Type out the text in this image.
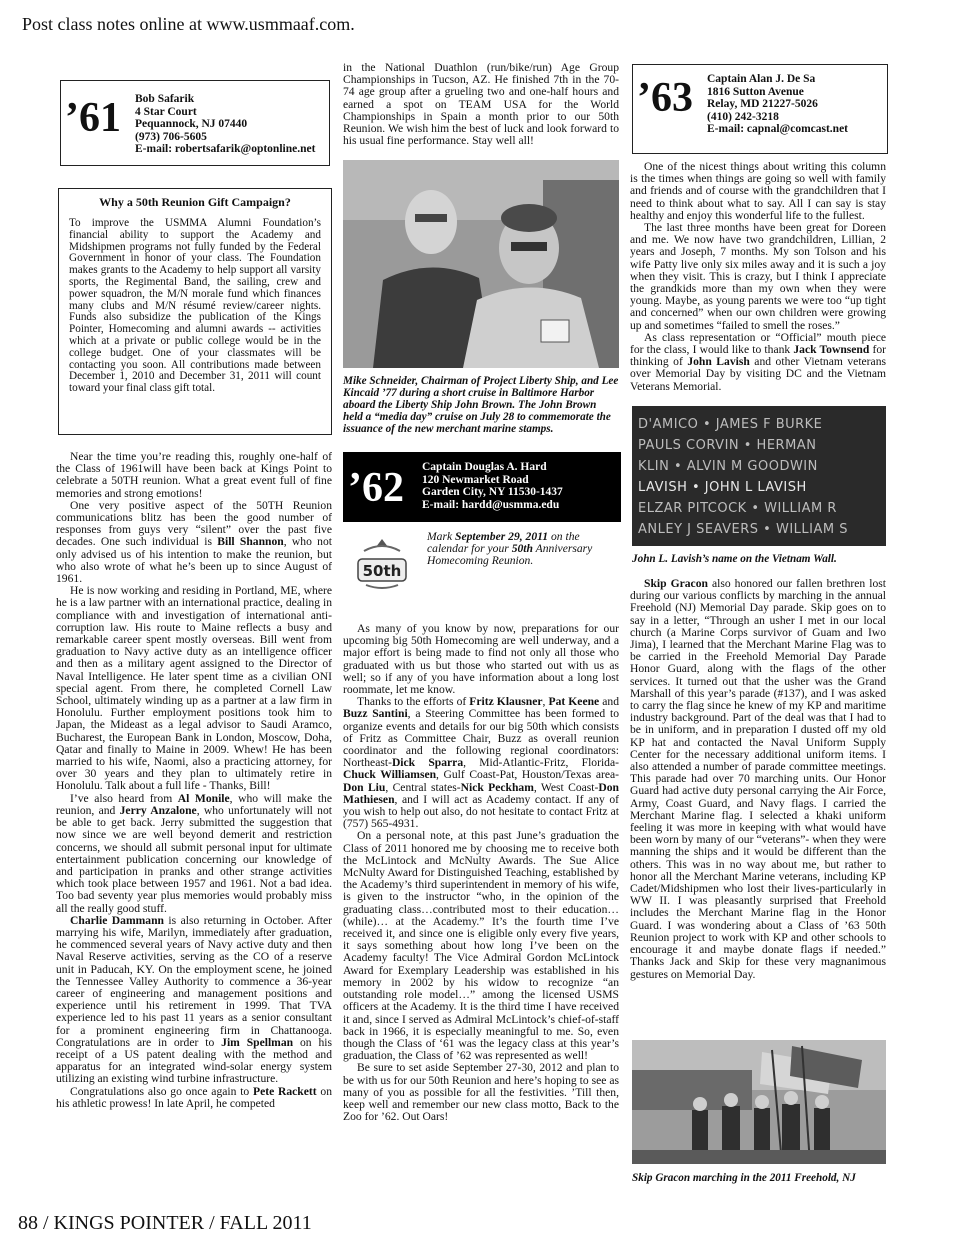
Post class notes online at www.usmmaaf.com.
’61 Bob Safarik
4 Star Court
Pequannock, NJ 07440
(973) 706-5605
E-mail: robertsafarik@optonline.net
Why a 50th Reunion Gift Campaign?
To improve the USMMA Alumni Foundation’s financial ability to support the Academy and Midshipmen programs not fully funded by the Federal Government in honor of your class. The Foundation makes grants to the Academy to help support all varsity sports, the Regimental Band, the sailing, crew and power squadron, the M/N morale fund which finances many clubs and M/N résumé review/career nights. Funds also subsidize the publication of the Kings Pointer, Homecoming and alumni awards -- activities which at a private or public college would be in the college budget. One of your classmates will be contacting you soon. All contributions made between December 1, 2010 and December 31, 2011 will count toward your final class gift total.

Near the time you’re reading this, roughly one-half of the Class of 1961will have been back at Kings Point to celebrate a 50TH reunion. What a great event full of fine memories and strong emotions!

One very positive aspect of the 50TH Reunion communications blitz has been the good number of responses from guys very “silent” over the past five decades. One such individual is Bill Shannon, who not only advised us of his intention to make the reunion, but who also wrote of what he’s been up to since August of 1961.

He is now working and residing in Portland, ME, where he is a law partner with an international practice, dealing in compliance with and investigation of international anti-corruption law. His route to Maine reflects a busy and remarkable career spent mostly overseas. Bill went from graduation to Navy active duty as an intelligence officer and then as a military agent assigned to the Director of Naval Intelligence. He later spent time as a civilian ONI special agent. From there, he completed Cornell Law School, ultimately winding up as a partner at a law firm in Honolulu. Further employment positions took him to Japan, the Mideast as a legal advisor to Saudi Aramco, Bucharest, the European Bank in London, Moscow, Doha, Qatar and finally to Maine in 2009. Whew! He has been married to his wife, Naomi, also a practicing attorney, for over 30 years and they plan to ultimately retire in Honolulu. Talk about a full life - Thanks, Bill!

I’ve also heard from Al Monile, who will make the reunion, and Jerry Anzalone, who unfortunately will not be able to get back. Jerry submitted the suggestion that now since we are well beyond demerit and restriction concerns, we should all submit personal input for ultimate entertainment publication concerning our knowledge of and participation in pranks and other strange activities which took place between 1957 and 1961. Not a bad idea. Too bad seventy year plus memories would probably miss all the really good stuff.

Charlie Dammann is also returning in October. After marrying his wife, Marilyn, immediately after graduation, he commenced several years of Navy active duty and then Naval Reserve activities, serving as the CO of a reserve unit in Paducah, KY. On the employment scene, he joined the Tennessee Valley Authority to commence a 36-year career of engineering and management positions and experience until his retirement in 1999. That TVA experience led to his past 11 years as a senior consultant for a prominent engineering firm in Chattanooga. Congratulations are in order to Jim Spellman on his receipt of a US patent dealing with the method and apparatus for an integrated wind-solar energy system utilizing an existing wind turbine infrastructure.

Congratulations also go once again to Pete Rackett on his athletic prowess! In late April, he competed

in the National Duathlon (run/bike/run) Age Group Championships in Tucson, AZ. He finished 7th in the 70-74 age group after a grueling two and one-half hours and earned a spot on TEAM USA for the World Championships in Spain a month prior to our 50th Reunion. We wish him the best of luck and look forward to his usual fine performance. Stay well all!

Mike Schneider, Chairman of Project Liberty Ship, and Lee Kincaid ’77 during a short cruise in Baltimore Harbor aboard the Liberty Ship John Brown. The John Brown held a “media day” cruise on July 28 to commemorate the issuance of the new merchant marine stamps.
’62 Captain Douglas A. Hard
120 Newmarket Road
Garden City, NY 11530-1437
E-mail: hardd@usmma.edu
50th
Mark September 29, 2011 on the calendar for your 50th Anniversary Homecoming Reunion.

As many of you know by now, preparations for our upcoming big 50th Homecoming are well underway, and a major effort is being made to find not only all those who graduated with us but those who started out with us as well; so if any of you have information about a long lost roommate, let me know.

Thanks to the efforts of Fritz Klausner, Pat Keene and Buzz Santini, a Steering Committee has been formed to organize events and details for our big 50th which consists of Fritz as Committee Chair, Buzz as overall reunion coordinator and the following regional coordinators: Northeast-Dick Sparra, Mid-Atlantic-Fritz, Florida-Chuck Williamsen, Gulf Coast-Pat, Houston/Texas area-Don Liu, Central states-Nick Peckham, West Coast-Don Mathiesen, and I will act as Academy contact. If any of you wish to help out also, do not hesitate to contact Fritz at (757) 565-4931.

On a personal note, at this past June’s graduation the Class of 2011 honored me by choosing me to receive both the McLintock and McNulty Awards. The Sue Alice McNulty Award for Distinguished Teaching, established by the Academy’s third superintendent in memory of his wife, is given to the instructor “who, in the opinion of the graduating class…contributed most to their education…(while)… at the Academy.” It’s the fourth time I’ve received it, and since one is eligible only every five years, it says something about how long I’ve been on the Academy faculty! The Vice Admiral Gordon McLintock Award for Exemplary Leadership was established in his memory in 2002 by his widow to recognize “an outstanding role model…” among the licensed USMS officers at the Academy. It is the third time I have received it and, since I served as Admiral McLintock’s chief-of-staff back in 1966, it is especially meaningful to me. So, even though the Class of ‘61 was the legacy class at this year’s graduation, the Class of ’62 was represented as well!

Be sure to set aside September 27-30, 2012 and plan to be with us for our 50th Reunion and here’s hoping to see as many of you as possible for all the festivities. ’Till then, keep well and remember our new class motto, Back to the Zoo for ’62. Out Oars!

’63 Captain Alan J. De Sa
1816 Sutton Avenue
Relay, MD 21227-5026
(410) 242-3218
E-mail: capnal@comcast.net

One of the nicest things about writing this column is the times when things are going so well with family and friends and of course with the grandchildren that I need to think about what to say. All I can say is stay healthy and enjoy this wonderful life to the fullest.

The last three months have been great for Doreen and me. We now have two grandchildren, Lillian, 2 years and Joseph, 7 months. My son Tolson and his wife Patty live only six miles away and it is such a joy when they visit. This is crazy, but I think I appreciate the grandkids more than my own when they were young. Maybe, as young parents we were too “up tight and concerned” when our own children were growing up and sometimes “failed to smell the roses.”

As class representation or “Official” mouth piece for the class, I would like to thank Jack Townsend for thinking of John Lavish and other Vietnam veterans over Memorial Day by visiting DC and the Vietnam Veterans Memorial.

D'AMICO • JAMES F BURKE
PAULS CORVIN • HERMAN
KLIN • ALVIN M GOODWIN
LAVISH • JOHN L LAVISH
ELZAR PITCOCK • WILLIAM R
ANLEY J SEAVERS • WILLIAM S
John L. Lavish’s name on the Vietnam Wall.

Skip Gracon also honored our fallen brethren lost during our various conflicts by marching in the annual Freehold (NJ) Memorial Day parade. Skip goes on to say in a letter, “Through an usher I met in our local church (a Marine Corps survivor of Guam and Iwo Jima), I learned that the Merchant Marine Flag was to be carried in the Freehold Memorial Day Parade Honor Guard, along with the flags of the other services. It turned out that the usher was the Grand Marshall of this year’s parade (#137), and I was asked to carry the flag since he knew of my KP and maritime industry background. Part of the deal was that I had to be in uniform, and in preparation I dusted off my old KP hat and contacted the Naval Uniform Supply Center for the necessary additional uniform items. I also attended a number of parade committee meetings. This parade had over 70 marching units. Our Honor Guard had active duty personal carrying the Air Force, Army, Coast Guard, and Navy flags. I carried the Merchant Marine flag. I selected a khaki uniform feeling it was more in keeping with what would have been worn by many of our “veterans”- when they were manning the ships and it would be different than the others. This was in no way about me, but rather to honor all the Merchant Marine veterans, including KP Cadet/Midshipmen who lost their lives-particularly in WW II. I was pleasantly surprised that Freehold includes the Merchant Marine flag in the Honor Guard. I was wondering about a Class of ’63 50th Reunion project to work with KP and other schools to encourage it and maybe donate flags if needed.” Thanks Jack and Skip for these very magnanimous gestures on Memorial Day.

Skip Gracon marching in the 2011 Freehold, NJ
88 / KINGS POINTER / FALL 2011
